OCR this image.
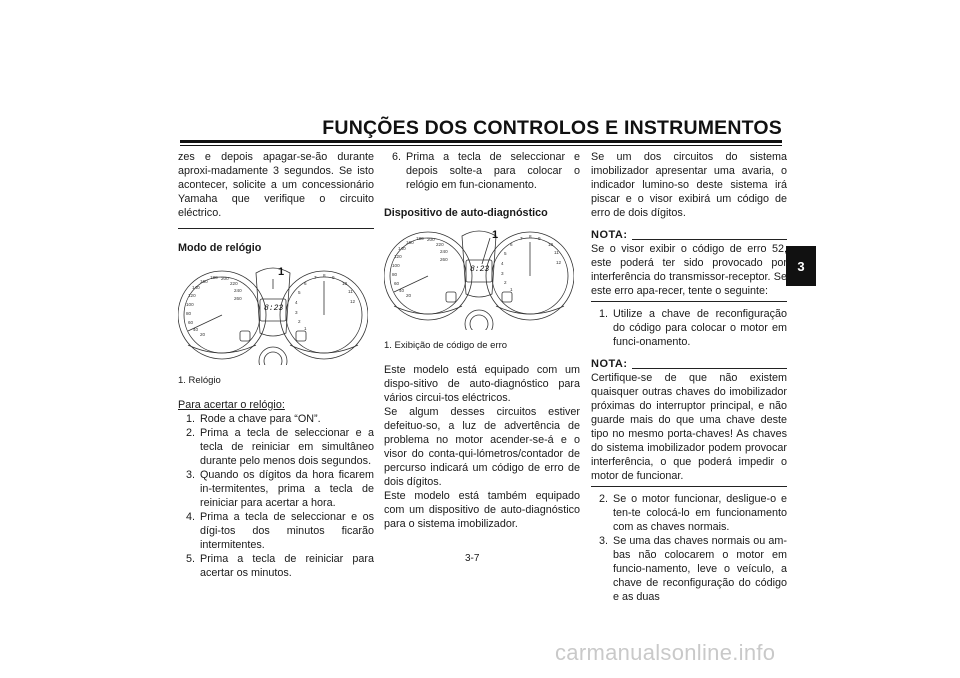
FUNÇÕES DOS CONTROLOS E INSTRUMENTOS
3

zes e depois apagar-se-ão durante aproxi-madamente 3 segundos. Se isto acontecer, solicite a um concessionário Yamaha que verifique o circuito eléctrico.

Modo de relógio
160
180 200
140
220
120
240
100
260
80
60
40
20
7 8 9
10
11
12
6
5
4
3
2
1
8:23
1
1. Relógio
Para acertar o relógio:
1. Rode a chave para “ON”.
2. Prima a tecla de seleccionar e a tecla de reiniciar em simultâneo durante pelo menos dois segundos.
3. Quando os dígitos da hora ficarem in-termitentes, prima a tecla de reiniciar para acertar a hora.
4. Prima a tecla de seleccionar e os dígi-tos dos minutos ficarão intermitentes.
5. Prima a tecla de reiniciar para acertar os minutos.
6. Prima a tecla de seleccionar e depois solte-a para colocar o relógio em fun-cionamento.
Dispositivo de auto-diagnóstico
160
180 200
140
220
120
240
100
260
80
60
40
20
7 8 9
10
11
12
6
5
4
3
2
1
8:23
1
1. Exibição de código de erro

Este modelo está equipado com um dispo-sitivo de auto-diagnóstico para vários circui-tos eléctricos.

Se algum desses circuitos estiver defeituo-so, a luz de advertência de problema no motor acender-se-á e o visor do conta-qui-lómetros/contador de percurso indicará um código de erro de dois dígitos.

Este modelo está também equipado com um dispositivo de auto-diagnóstico para o sistema imobilizador.

Se um dos circuitos do sistema imobilizador apresentar uma avaria, o indicador lumino-so deste sistema irá piscar e o visor exibirá um código de erro de dois dígitos.

NOTA:

Se o visor exibir o código de erro 52, este poderá ter sido provocado por interferência do transmissor-receptor. Se este erro apa-recer, tente o seguinte:

1. Utilize a chave de reconfiguração do código para colocar o motor em funci-onamento.
NOTA:

Certifique-se de que não existem quaisquer outras chaves do imobilizador próximas do interruptor principal, e não guarde mais do que uma chave deste tipo no mesmo porta-chaves! As chaves do sistema imobilizador podem provocar interferência, o que poderá impedir o motor de funcionar.

2. Se o motor funcionar, desligue-o e ten-te colocá-lo em funcionamento com as chaves normais.
3. Se uma das chaves normais ou am-bas não colocarem o motor em funcio-namento, leve o veículo, a chave de reconfiguração do código e as duas
3-7
carmanualsonline.info
